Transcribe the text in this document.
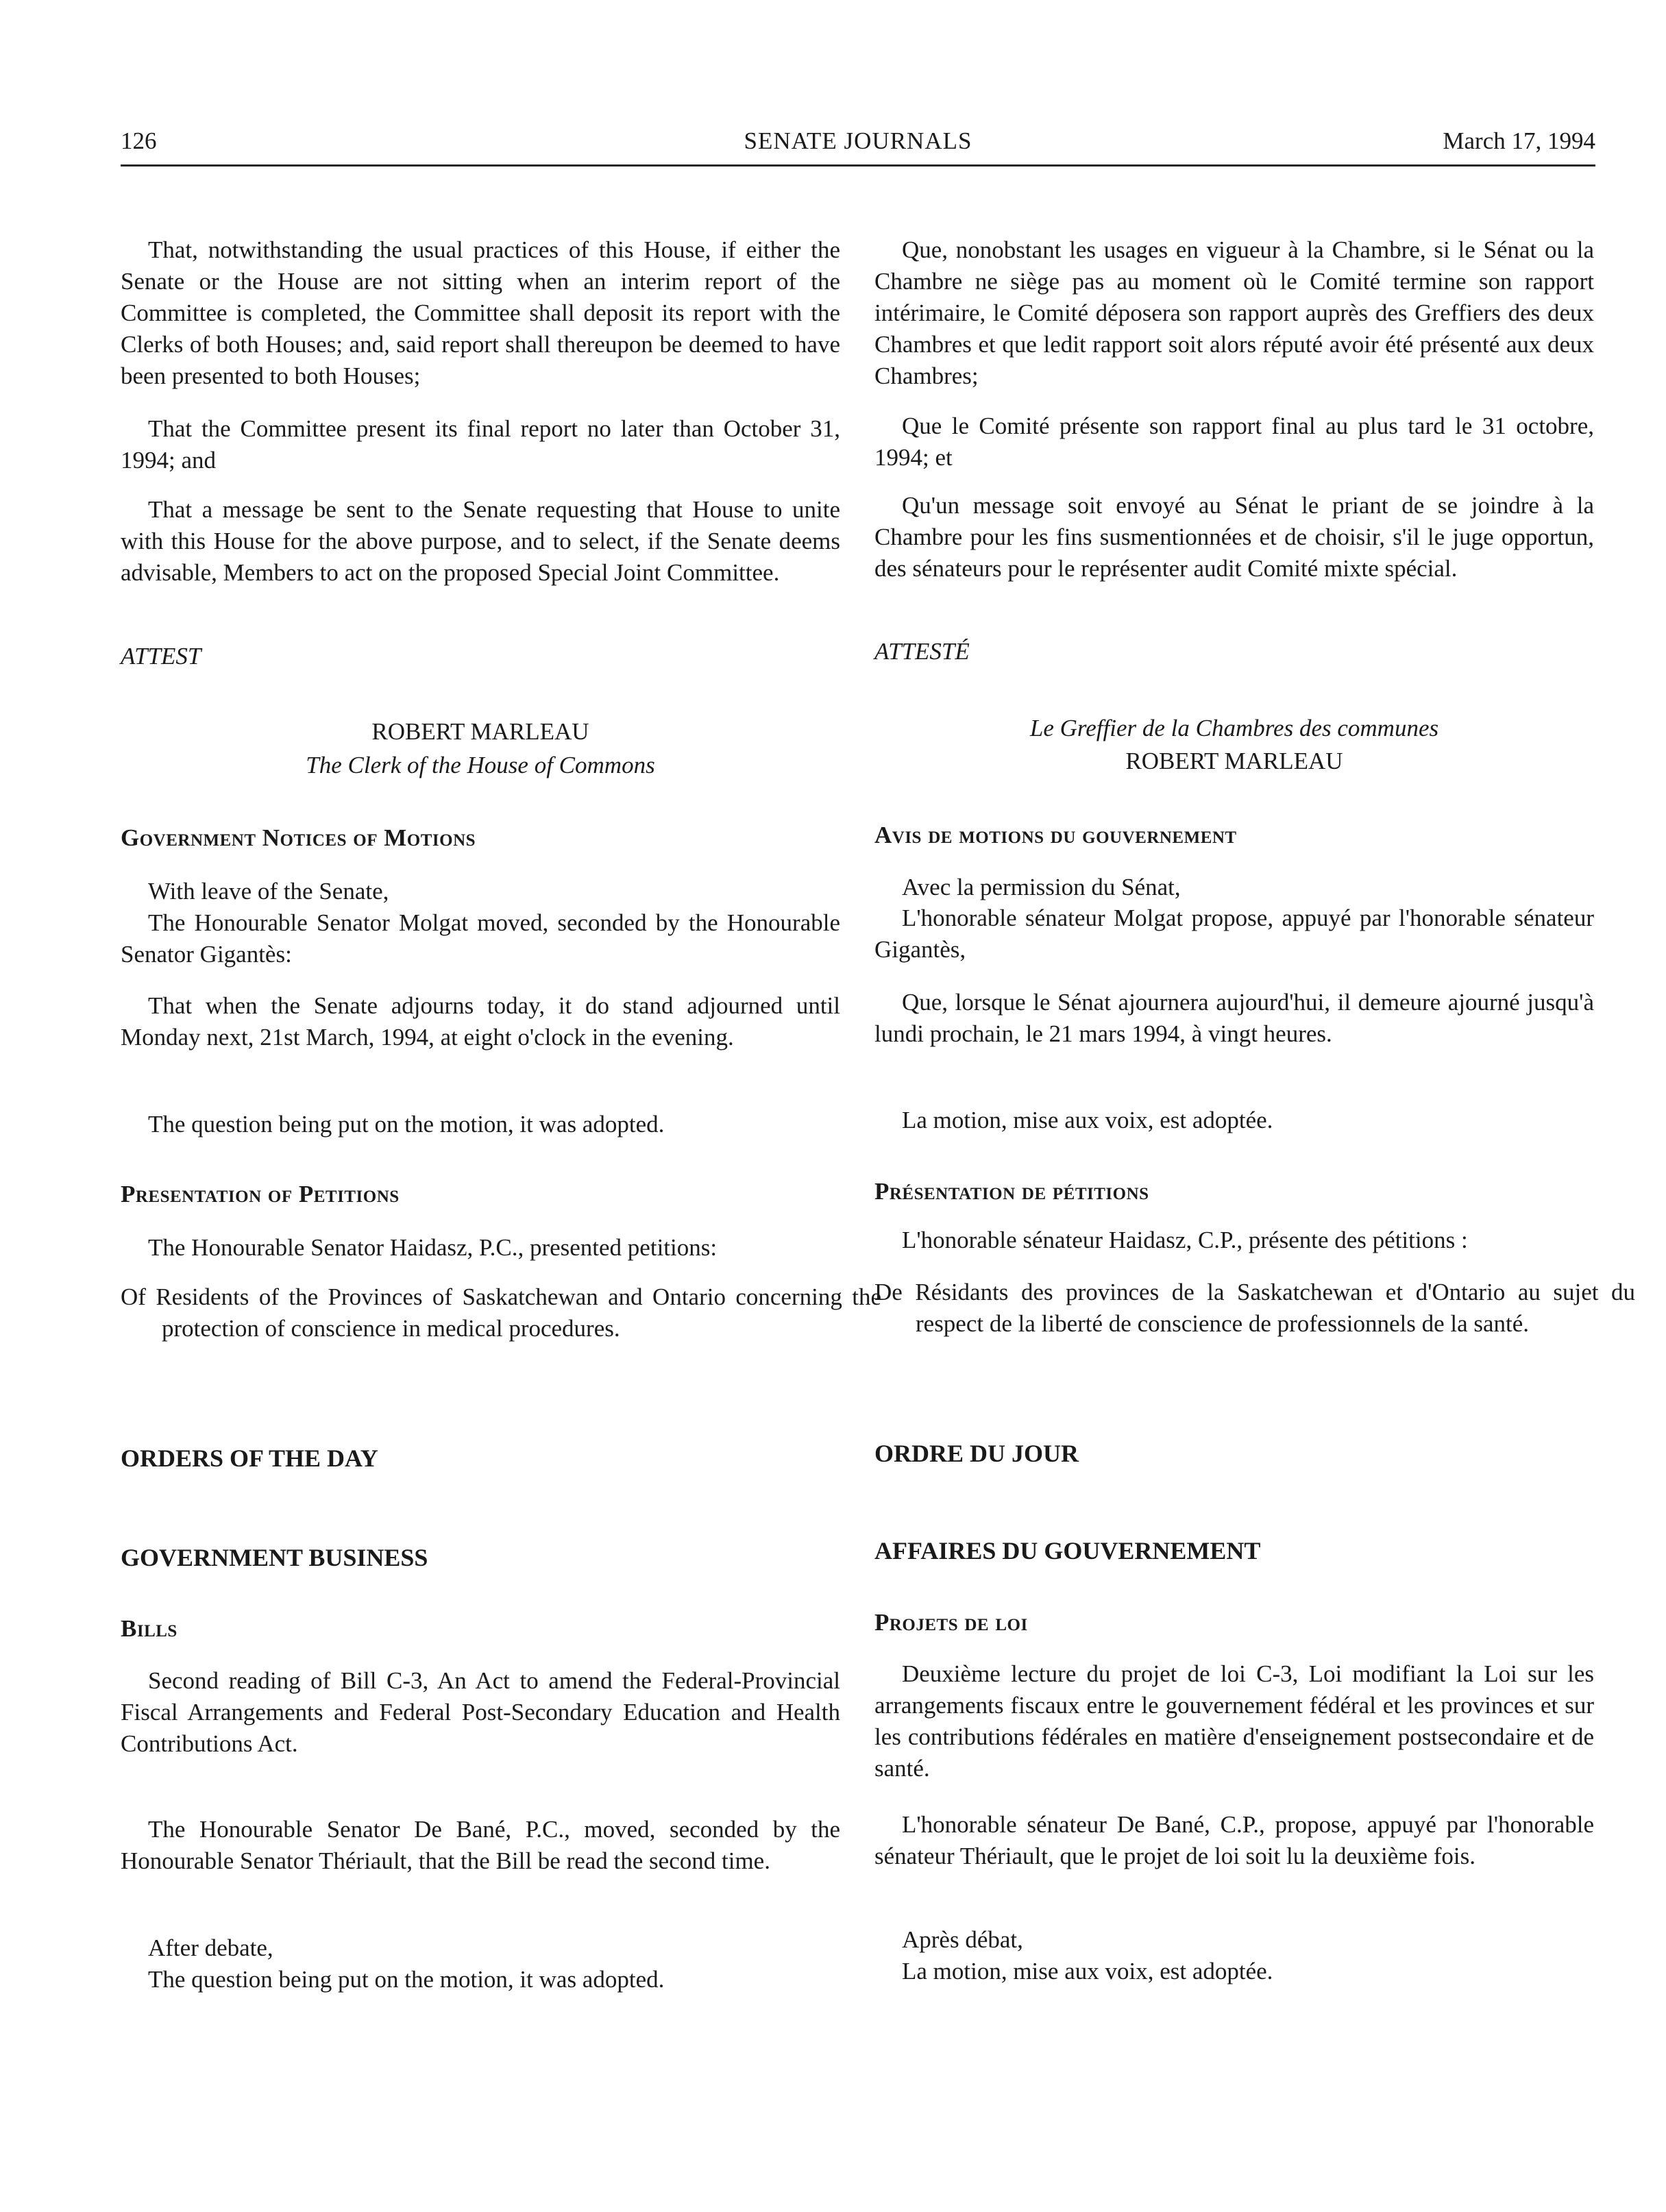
126	SENATE JOURNALS	March 17, 1994
That, notwithstanding the usual practices of this House, if either the Senate or the House are not sitting when an interim report of the Committee is completed, the Committee shall deposit its report with the Clerks of both Houses; and, said report shall thereupon be deemed to have been presented to both Houses;
That the Committee present its final report no later than October 31, 1994; and
That a message be sent to the Senate requesting that House to unite with this House for the above purpose, and to select, if the Senate deems advisable, Members to act on the proposed Special Joint Committee.
ATTEST
ROBERT MARLEAU
The Clerk of the House of Commons
Government Notices of Motions
With leave of the Senate,
The Honourable Senator Molgat moved, seconded by the Honourable Senator Gigantès:
That when the Senate adjourns today, it do stand adjourned until Monday next, 21st March, 1994, at eight o'clock in the evening.
The question being put on the motion, it was adopted.
Presentation of Petitions
The Honourable Senator Haidasz, P.C., presented petitions:
Of Residents of the Provinces of Saskatchewan and Ontario concerning the protection of conscience in medical procedures.
ORDERS OF THE DAY
GOVERNMENT BUSINESS
Bills
Second reading of Bill C-3, An Act to amend the Federal-Provincial Fiscal Arrangements and Federal Post-Secondary Education and Health Contributions Act.
The Honourable Senator De Bané, P.C., moved, seconded by the Honourable Senator Thériault, that the Bill be read the second time.
After debate,
The question being put on the motion, it was adopted.
Que, nonobstant les usages en vigueur à la Chambre, si le Sénat ou la Chambre ne siège pas au moment où le Comité termine son rapport intérimaire, le Comité déposera son rapport auprès des Greffiers des deux Chambres et que ledit rapport soit alors réputé avoir été présenté aux deux Chambres;
Que le Comité présente son rapport final au plus tard le 31 octobre, 1994; et
Qu'un message soit envoyé au Sénat le priant de se joindre à la Chambre pour les fins susmentionnées et de choisir, s'il le juge opportun, des sénateurs pour le représenter audit Comité mixte spécial.
ATTESTÉ
Le Greffier de la Chambres des communes
ROBERT MARLEAU
Avis de motions du gouvernement
Avec la permission du Sénat,
L'honorable sénateur Molgat propose, appuyé par l'honorable sénateur Gigantès,
Que, lorsque le Sénat ajournera aujourd'hui, il demeure ajourné jusqu'à lundi prochain, le 21 mars 1994, à vingt heures.
La motion, mise aux voix, est adoptée.
Présentation de pétitions
L'honorable sénateur Haidasz, C.P., présente des pétitions :
De Résidants des provinces de la Saskatchewan et d'Ontario au sujet du respect de la liberté de conscience de professionnels de la santé.
ORDRE DU JOUR
AFFAIRES DU GOUVERNEMENT
Projets de loi
Deuxième lecture du projet de loi C-3, Loi modifiant la Loi sur les arrangements fiscaux entre le gouvernement fédéral et les provinces et sur les contributions fédérales en matière d'enseignement postsecondaire et de santé.
L'honorable sénateur De Bané, C.P., propose, appuyé par l'honorable sénateur Thériault, que le projet de loi soit lu la deuxième fois.
Après débat,
La motion, mise aux voix, est adoptée.
